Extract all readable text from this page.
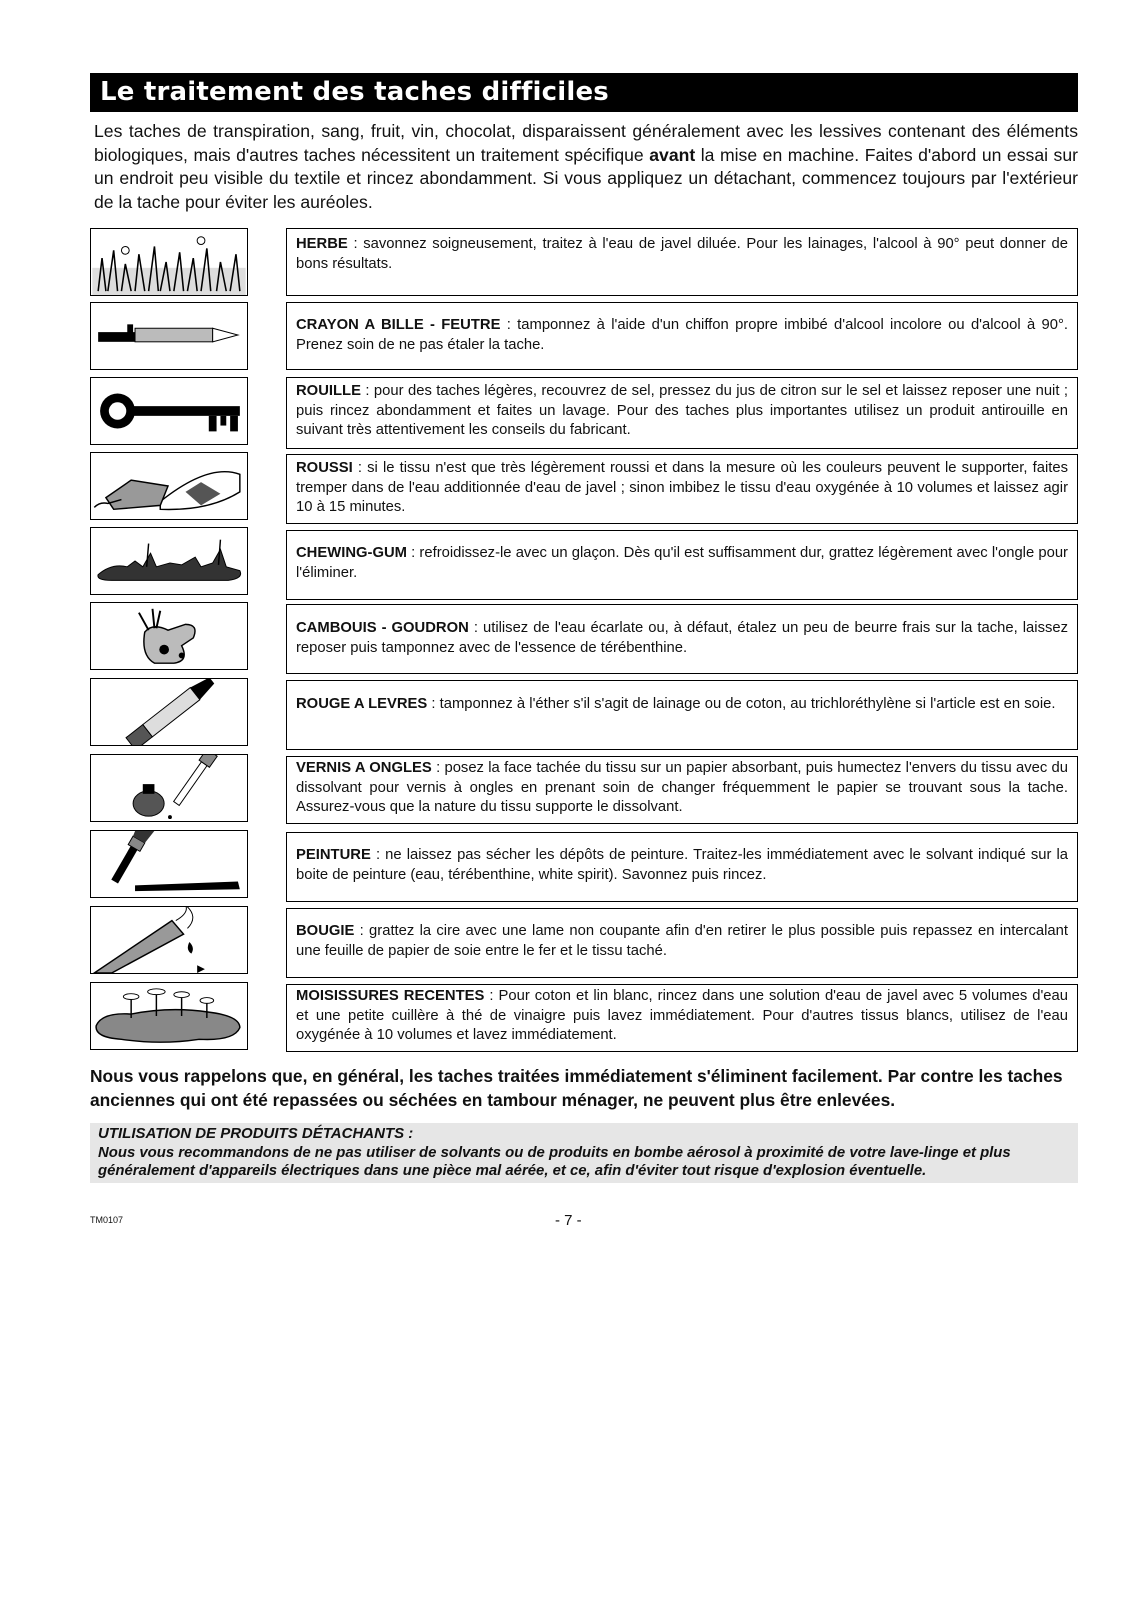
Le traitement des taches difficiles

Les taches de transpiration, sang, fruit, vin, chocolat, disparaissent généralement avec les lessives contenant des éléments biologiques, mais d'autres taches nécessitent un traitement spécifique avant la mise en machine. Faites d'abord un essai sur un endroit peu visible du textile et rincez abondamment. Si vous appliquez un détachant, commencez toujours par l'extérieur de la tache pour éviter les auréoles.

HERBE : savonnez soigneusement, traitez à l'eau de javel diluée. Pour les lainages, l'alcool à 90° peut donner de bons résultats.
CRAYON A BILLE - FEUTRE : tamponnez à l'aide d'un chiffon propre imbibé d'alcool incolore ou d'alcool à 90°. Prenez soin de ne pas étaler la tache.
ROUILLE : pour des taches légères, recouvrez de sel, pressez du jus de citron sur le sel et laissez reposer une nuit ; puis rincez abondamment et faites un lavage. Pour des taches plus importantes utilisez un produit antirouille en suivant très attentivement les conseils du fabricant.
ROUSSI : si le tissu n'est que très légèrement roussi et dans la mesure où les couleurs peuvent le supporter, faites tremper dans de l'eau additionnée d'eau de javel ; sinon imbibez le tissu d'eau oxygénée à 10 volumes et laissez agir 10 à 15 minutes.
CHEWING-GUM : refroidissez-le avec un glaçon. Dès qu'il est suffisamment dur, grattez légèrement avec l'ongle pour l'éliminer.
CAMBOUIS - GOUDRON : utilisez de l'eau écarlate ou, à défaut, étalez un peu de beurre frais sur la tache, laissez reposer puis tamponnez avec de l'essence de térébenthine.
ROUGE A LEVRES : tamponnez à l'éther s'il s'agit de lainage ou de coton, au trichloréthylène si l'article est en soie.
VERNIS A ONGLES : posez la face tachée du tissu sur un papier absorbant, puis humectez l'envers du tissu avec du dissolvant pour vernis à ongles en prenant soin de changer fréquemment le papier se trouvant sous la tache. Assurez-vous que la nature du tissu supporte le dissolvant.
PEINTURE : ne laissez pas sécher les dépôts de peinture. Traitez-les immédiatement avec le solvant indiqué sur la boite de peinture (eau, térébenthine, white spirit). Savonnez puis rincez.
BOUGIE : grattez la cire avec une lame non coupante afin d'en retirer le plus possible puis repassez en intercalant une feuille de papier de soie entre le fer et le tissu taché.
MOISISSURES RECENTES : Pour coton et lin blanc, rincez dans une solution d'eau de javel avec 5 volumes d'eau et une petite cuillère à thé de vinaigre puis lavez immédiatement. Pour d'autres tissus blancs, utilisez de l'eau oxygénée à 10 volumes et lavez immédiatement.

Nous vous rappelons que, en général, les taches traitées immédiatement s'éliminent facilement. Par contre les taches anciennes qui ont été repassées ou séchées en tambour ménager, ne peuvent plus être enlevées.

UTILISATION DE PRODUITS DÉTACHANTS :
Nous vous recommandons de ne pas utiliser de solvants ou de produits en bombe aérosol à proximité de votre lave-linge et plus généralement d'appareils électriques dans une pièce mal aérée, et ce, afin d'éviter tout risque d'explosion éventuelle.
TM0107	- 7 -
